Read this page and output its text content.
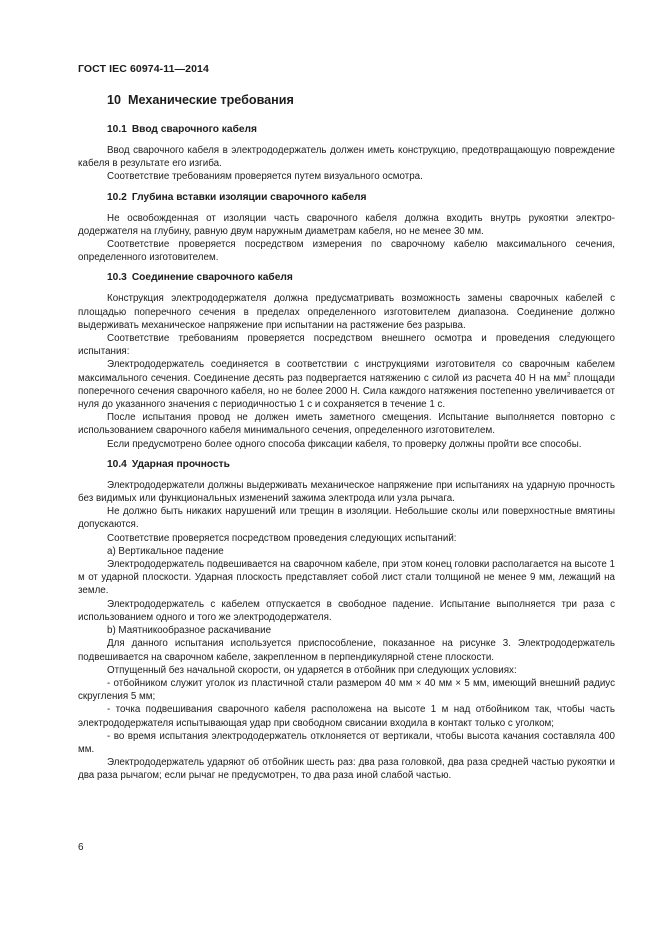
ГОСТ IEC 60974-11—2014
10 Механические требования
10.1 Ввод сварочного кабеля

Ввод сварочного кабеля в электрододержатель должен иметь конструкцию, предотвращающую повреждение кабеля в результате его изгиба.

Соответствие требованиям проверяется путем визуального осмотра.

10.2 Глубина вставки изоляции сварочного кабеля

Не освобожденная от изоляции часть сварочного кабеля должна входить внутрь рукоятки электрододержателя на глубину, равную двум наружным диаметрам кабеля, но не менее 30 мм.

Соответствие проверяется посредством измерения по сварочному кабелю максимального сечения, определенного изготовителем.

10.3 Соединение сварочного кабеля

Конструкция электрододержателя должна предусматривать возможность замены сварочных кабелей с площадью поперечного сечения в пределах определенного изготовителем диапазона. Соединение должно выдерживать механическое напряжение при испытании на растяжение без разрыва.

Соответствие требованиям проверяется посредством внешнего осмотра и проведения следующего испытания:

Электрододержатель соединяется в соответствии с инструкциями изготовителя со сварочным кабелем максимального сечения. Соединение десять раз подвергается натяжению с силой из расчета 40 Н на $мм^2$ площади поперечного сечения сварочного кабеля, но не более 2000 Н. Сила каждого натяжения постепенно увеличивается от нуля до указанного значения с периодичностью 1 с и сохраняется в течение 1 с.

После испытания провод не должен иметь заметного смещения. Испытание выполняется повторно с использованием сварочного кабеля минимального сечения, определенного изготовителем.

Если предусмотрено более одного способа фиксации кабеля, то проверку должны пройти все способы.

10.4 Ударная прочность

Электрододержатели должны выдерживать механическое напряжение при испытаниях на ударную прочность без видимых или функциональных изменений зажима электрода или узла рычага.

Не должно быть никаких нарушений или трещин в изоляции. Небольшие сколы или поверхностные вмятины допускаются.

Соответствие проверяется посредством проведения следующих испытаний:

a) Вертикальное падение

Электрододержатель подвешивается на сварочном кабеле, при этом конец головки располагается на высоте 1 м от ударной плоскости. Ударная плоскость представляет собой лист стали толщиной не менее 9 мм, лежащий на земле.

Электрододержатель с кабелем отпускается в свободное падение. Испытание выполняется три раза с использованием одного и того же электрододержателя.

b) Маятникообразное раскачивание

Для данного испытания используется приспособление, показанное на рисунке 3. Электрододержатель подвешивается на сварочном кабеле, закрепленном в перпендикулярной стене плоскости.

Отпущенный без начальной скорости, он ударяется в отбойник при следующих условиях:

- отбойником служит уголок из пластичной стали размером 40 мм × 40 мм × 5 мм, имеющий внешний радиус скругления 5 мм;

- точка подвешивания сварочного кабеля расположена на высоте 1 м над отбойником так, чтобы часть электрододержателя испытывающая удар при свободном свисании входила в контакт только с уголком;

- во время испытания электрододержатель отклоняется от вертикали, чтобы высота качания составляла 400 мм.

Электрододержатель ударяют об отбойник шесть раз: два раза головкой, два раза средней частью рукоятки и два раза рычагом; если рычаг не предусмотрен, то два раза иной слабой частью.

6
